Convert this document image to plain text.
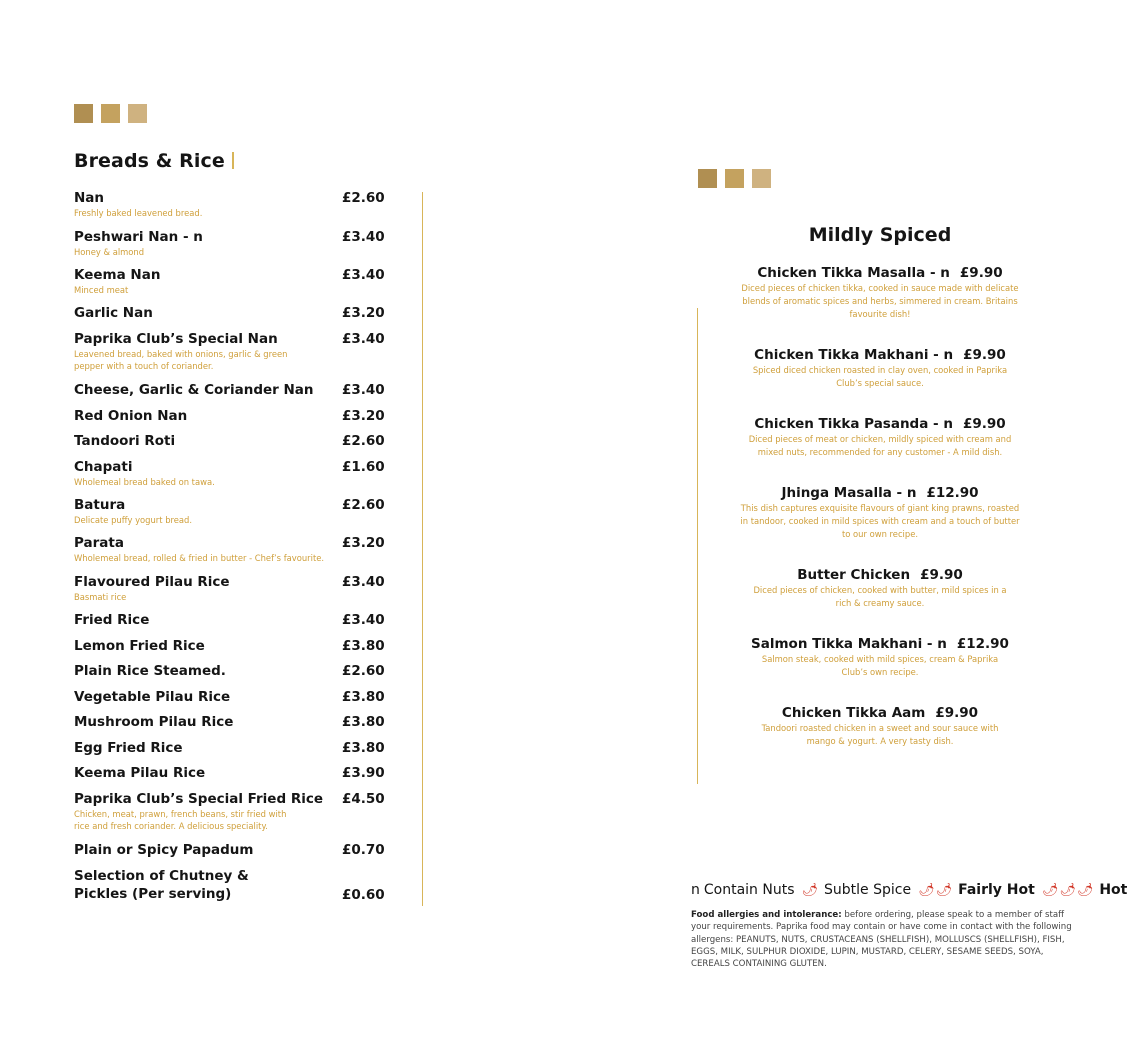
Breads & Rice
Nan	£2.60
Freshly baked leavened bread.
Peshwari Nan - n	£3.40
Honey & almond
Keema Nan	£3.40
Minced meat
Garlic Nan	£3.20
Paprika Club’s Special Nan	£3.40
Leavened bread, baked with onions, garlic & green pepper with a touch of coriander.
Cheese, Garlic & Coriander Nan	£3.40
Red Onion Nan	£3.20
Tandoori Roti	£2.60
Chapati	£1.60
Wholemeal bread baked on tawa.
Batura	£2.60
Delicate puffy yogurt bread.
Parata	£3.20
Wholemeal bread, rolled & fried in butter - Chef’s favourite.
Flavoured Pilau Rice	£3.40
Basmati rice
Fried Rice	£3.40
Lemon Fried Rice	£3.80
Plain Rice Steamed.	£2.60
Vegetable Pilau Rice	£3.80
Mushroom Pilau Rice	£3.80
Egg Fried Rice	£3.80
Keema Pilau Rice	£3.90
Paprika Club’s Special Fried Rice	£4.50
Chicken, meat, prawn, french beans, stir fried with rice and fresh coriander. A delicious speciality.
Plain or Spicy Papadum	£0.70
Selection of Chutney &
Pickles (Per serving)	£0.60
Mildly Spiced
Chicken Tikka Masalla - n £9.90
Diced pieces of chicken tikka, cooked in sauce made with delicate blends of aromatic spices and herbs, simmered in cream. Britains favourite dish!
Chicken Tikka Makhani - n £9.90
Spiced diced chicken roasted in clay oven, cooked in Paprika Club’s special sauce.
Chicken Tikka Pasanda - n £9.90
Diced pieces of meat or chicken, mildly spiced with cream and mixed nuts, recommended for any customer - A mild dish.
Jhinga Masalla - n £12.90
This dish captures exquisite flavours of giant king prawns, roasted in tandoor, cooked in mild spices with cream and a touch of butter to our own recipe.
Butter Chicken £9.90
Diced pieces of chicken, cooked with butter, mild spices in a rich & creamy sauce.
Salmon Tikka Makhani - n £12.90
Salmon steak, cooked with mild spices, cream & Paprika Club’s own recipe.
Chicken Tikka Aam £9.90
Tandoori roasted chicken in a sweet and sour sauce with mango & yogurt. A very tasty dish.
n Contain Nuts 🌶 Subtle Spice 🌶🌶 Fairly Hot 🌶🌶🌶 Hot
Food allergies and intolerance: before ordering, please speak to a member of staff your requirements. Paprika food may contain or have come in contact with the following allergens: PEANUTS, NUTS, CRUSTACEANS (SHELLFISH), MOLLUSCS (SHELLFISH), FISH, EGGS, MILK, SULPHUR DIOXIDE, LUPIN, MUSTARD, CELERY, SESAME SEEDS, SOYA, CEREALS CONTAINING GLUTEN.
